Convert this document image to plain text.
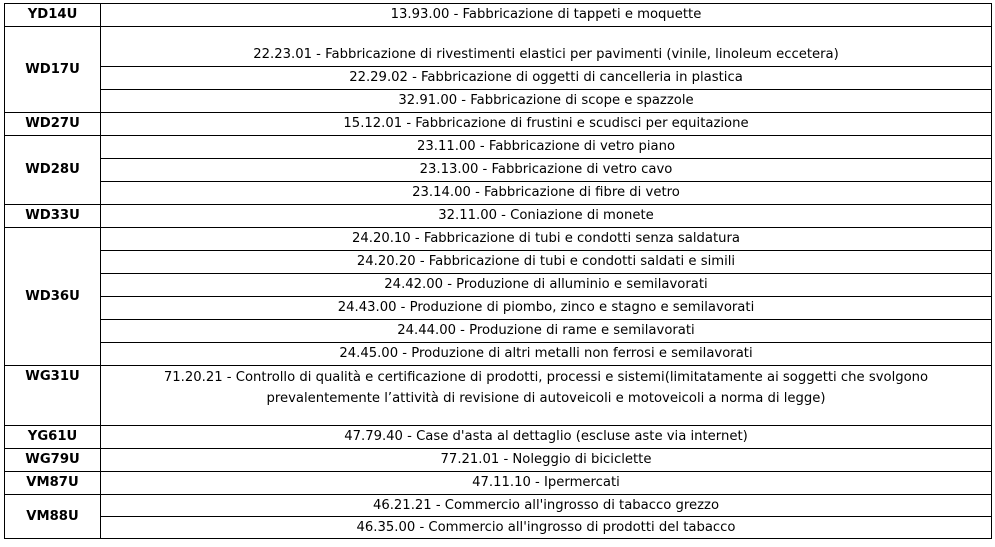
YD14U	13.93.00 - Fabbricazione di tappeti e moquette
WD17U	22.23.01 - Fabbricazione di rivestimenti elastici per pavimenti (vinile, linoleum eccetera)
	22.29.02 - Fabbricazione di oggetti di cancelleria in plastica
	32.91.00 - Fabbricazione di scope e spazzole
WD27U	15.12.01 - Fabbricazione di frustini e scudisci per equitazione
WD28U	23.11.00 - Fabbricazione di vetro piano
	23.13.00 - Fabbricazione di vetro cavo
	23.14.00 - Fabbricazione di fibre di vetro
WD33U	32.11.00 - Coniazione di monete
WD36U	24.20.10 - Fabbricazione di tubi e condotti senza saldatura
	24.20.20 - Fabbricazione di tubi e condotti saldati e simili
	24.42.00 - Produzione di alluminio e semilavorati
	24.43.00 - Produzione di piombo, zinco e stagno e semilavorati
	24.44.00 - Produzione di rame e semilavorati
	24.45.00 - Produzione di altri metalli non ferrosi e semilavorati
WG31U	71.20.21 - Controllo di qualità e certificazione di prodotti, processi e sistemi(limitatamente ai soggetti che svolgono prevalentemente l’attività di revisione di autoveicoli e motoveicoli a norma di legge)
YG61U	47.79.40 - Case d'asta al dettaglio (escluse aste via internet)
WG79U	77.21.01 - Noleggio di biciclette
VM87U	47.11.10 - Ipermercati
VM88U	46.21.21 - Commercio all'ingrosso di tabacco grezzo
	46.35.00 - Commercio all'ingrosso di prodotti del tabacco
